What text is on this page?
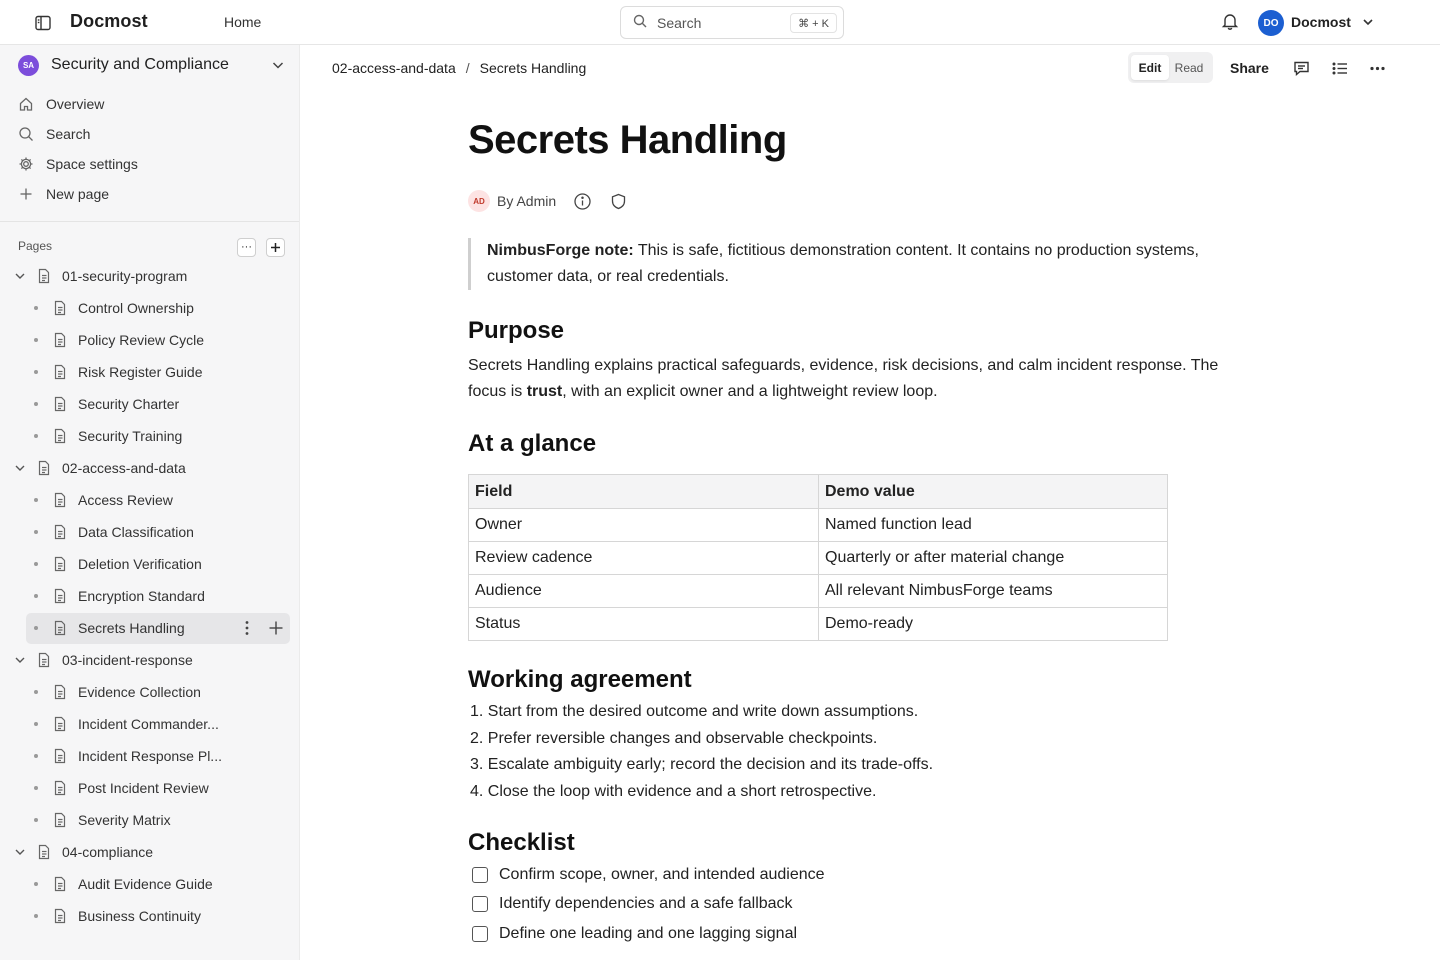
Docmost	Home	Search	⌘ + K	DO Docmost
SA	Security and Compliance
Overview
Search
Space settings
New page
Pages	···
01-security-program
Control Ownership
Policy Review Cycle
Risk Register Guide
Security Charter
Security Training
02-access-and-data
Access Review
Data Classification
Deletion Verification
Encryption Standard
Secrets Handling
03-incident-response
Evidence Collection
Incident Commander...
Incident Response Pl...
Post Incident Review
Severity Matrix
04-compliance
Audit Evidence Guide
Business Continuity
02-access-and-data / Secrets Handling	Edit	Read	Share
Secrets Handling
AD By Admin
NimbusForge note: This is safe, fictitious demonstration content. It contains no production systems, customer data, or real credentials.
Purpose
Secrets Handling explains practical safeguards, evidence, risk decisions, and calm incident response. The focus is trust, with an explicit owner and a lightweight review loop.
At a glance
Field	Demo value
Owner	Named function lead
Review cadence	Quarterly or after material change
Audience	All relevant NimbusForge teams
Status	Demo-ready
Working agreement
1. Start from the desired outcome and write down assumptions.
2. Prefer reversible changes and observable checkpoints.
3. Escalate ambiguity early; record the decision and its trade-offs.
4. Close the loop with evidence and a short retrospective.
Checklist
Confirm scope, owner, and intended audience
Identify dependencies and a safe fallback
Define one leading and one lagging signal
